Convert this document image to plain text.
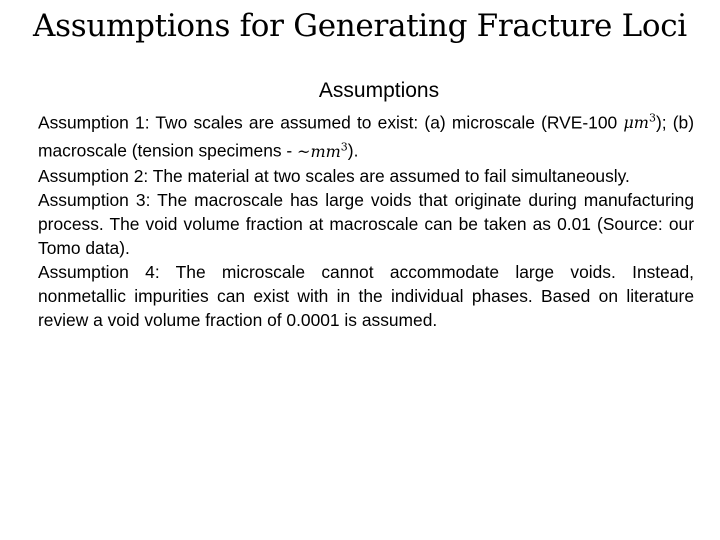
Assumptions for Generating Fracture Loci
Assumptions

Assumption 1: Two scales are assumed to exist: (a) microscale (RVE-100 $\mu m^3$); (b) macroscale (tension specimens - $\sim mm^3$).

Assumption 2: The material at two scales are assumed to fail simultaneously.

Assumption 3: The macroscale has large voids that originate during manufacturing process. The void volume fraction at macroscale can be taken as 0.01 (Source: our Tomo data).

Assumption 4: The microscale cannot accommodate large voids. Instead, nonmetallic impurities can exist with in the individual phases. Based on literature review a void volume fraction of 0.0001 is assumed.
